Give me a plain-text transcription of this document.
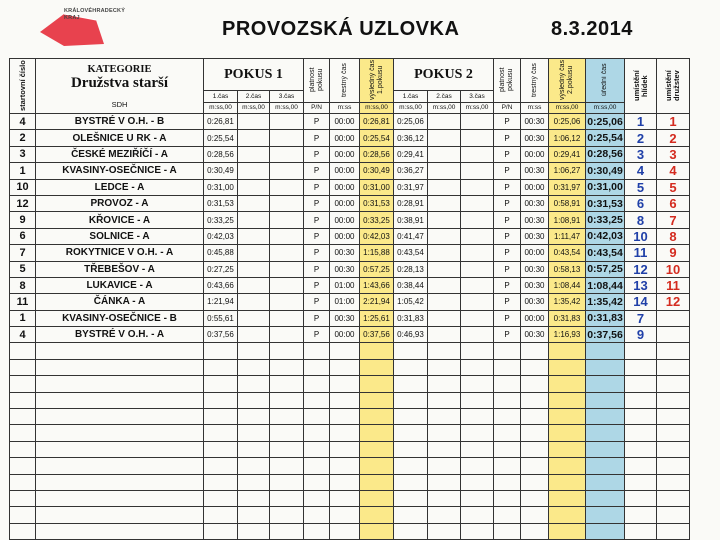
KRÁLOVÉHRADECKÝ
KRAJ	PROVOZSKÁ UZLOVKA	8.3.2014
startovní číslo	KATEGORIE
Družstva starší
SDH	POKUS 1			platnost pokusu	trestný čas	výsledný čas 1.pokusu	POKUS 2			platnost pokusu	trestný čas	výsledný čas 2.pokusu	úřední čas	umístění hlídek	umístění družstev

		1.čas	2.čas	3.čas				1.čas	2.čas	3.čas						
		m:ss,00	m:ss,00	m:ss,00	P/N	m:ss	m:ss,00	m:ss,00	m:ss,00	m:ss,00	P/N	m:ss	m:ss,00	m:ss,00		
4	BYSTRÉ V O.H. - B	0:26,81			P	00:00	0:26,81	0:25,06			P	00:30	0:25,06	0:25,06	1	1
2	OLEŠNICE U RK - A	0:25,54			P	00:00	0:25,54	0:36,12			P	00:30	1:06,12	0:25,54	2	2
3	ČESKÉ MEZIŘÍČÍ - A	0:28,56			P	00:00	0:28,56	0:29,41			P	00:00	0:29,41	0:28,56	3	3
1	KVASINY-OSEČNICE - A	0:30,49			P	00:00	0:30,49	0:36,27			P	00:30	1:06,27	0:30,49	4	4
10	LEDCE - A	0:31,00			P	00:00	0:31,00	0:31,97			P	00:00	0:31,97	0:31,00	5	5
12	PROVOZ - A	0:31,53			P	00:00	0:31,53	0:28,91			P	00:30	0:58,91	0:31,53	6	6
9	KŘOVICE - A	0:33,25			P	00:00	0:33,25	0:38,91			P	00:30	1:08,91	0:33,25	8	7
6	SOLNICE - A	0:42,03			P	00:00	0:42,03	0:41,47			P	00:30	1:11,47	0:42,03	10	8
7	ROKYTNICE V O.H. - A	0:45,88			P	00:30	1:15,88	0:43,54			P	00:00	0:43,54	0:43,54	11	9
5	TŘEBEŠOV - A	0:27,25			P	00:30	0:57,25	0:28,13			P	00:30	0:58,13	0:57,25	12	10
8	LUKAVICE - A	0:43,66			P	01:00	1:43,66	0:38,44			P	00:30	1:08,44	1:08,44	13	11
11	ČÁNKA - A	1:21,94			P	01:00	2:21,94	1:05,42			P	00:30	1:35,42	1:35,42	14	12
1	KVASINY-OSEČNICE - B	0:55,61			P	00:30	1:25,61	0:31,83			P	00:00	0:31,83	0:31,83	7	
4	BYSTRÉ V O.H. - A	0:37,56			P	00:00	0:37,56	0:46,93			P	00:30	1:16,93	0:37,56	9	
